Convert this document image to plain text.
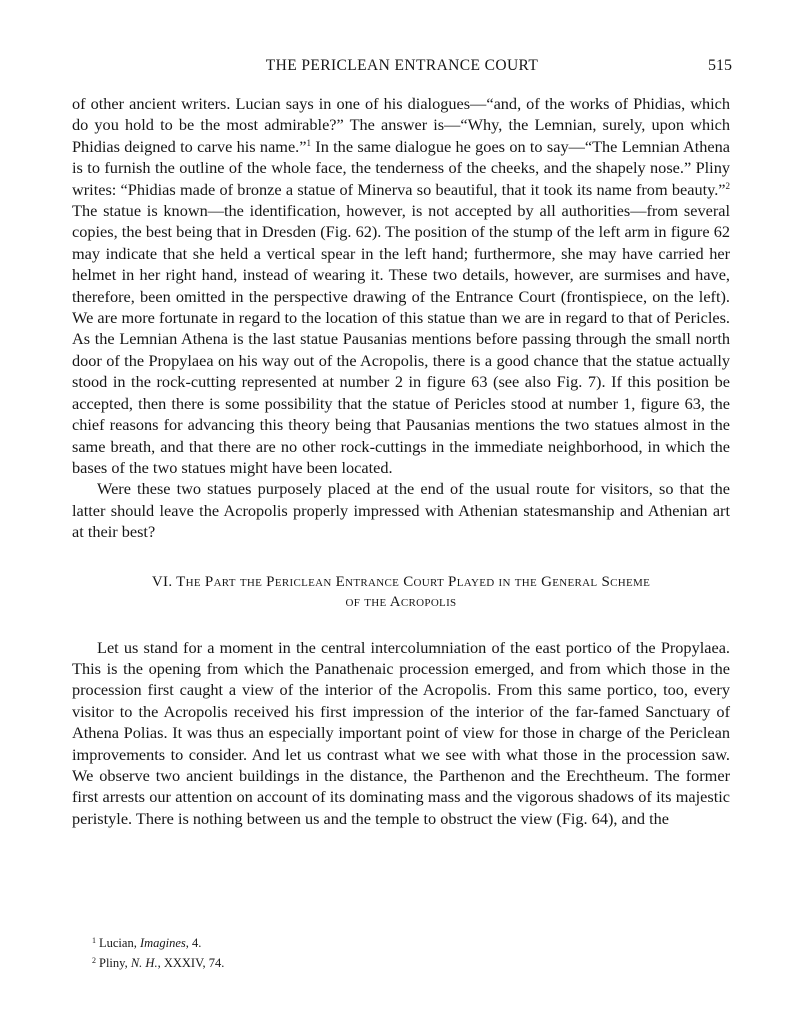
THE PERICLEAN ENTRANCE COURT	515

of other ancient writers. Lucian says in one of his dialogues—“and, of the works of Phidias, which do you hold to be the most admirable?” The answer is—“Why, the Lemnian, surely, upon which Phidias deigned to carve his name.”$^1$ In the same dialogue he goes on to say—“The Lemnian Athena is to furnish the outline of the whole face, the tenderness of the cheeks, and the shapely nose.” Pliny writes: “Phidias made of bronze a statue of Minerva so beautiful, that it took its name from beauty.”$^2$ The statue is known—the identification, however, is not accepted by all authorities—from several copies, the best being that in Dresden (Fig. 62). The position of the stump of the left arm in figure 62 may indicate that she held a vertical spear in the left hand; furthermore, she may have carried her helmet in her right hand, instead of wearing it. These two details, however, are surmises and have, therefore, been omitted in the perspective drawing of the Entrance Court (frontispiece, on the left). We are more fortunate in regard to the location of this statue than we are in regard to that of Pericles. As the Lemnian Athena is the last statue Pausanias mentions before passing through the small north door of the Propylaea on his way out of the Acropolis, there is a good chance that the statue actually stood in the rock-cutting represented at number 2 in figure 63 (see also Fig. 7). If this position be accepted, then there is some possibility that the statue of Pericles stood at number 1, figure 63, the chief reasons for advancing this theory being that Pausanias mentions the two statues almost in the same breath, and that there are no other rock-cuttings in the immediate neighborhood, in which the bases of the two statues might have been located.

Were these two statues purposely placed at the end of the usual route for visitors, so that the latter should leave the Acropolis properly impressed with Athenian statesmanship and Athenian art at their best?

VI. The Part the Periclean Entrance Court Played in the General Scheme
of the Acropolis

Let us stand for a moment in the central intercolumniation of the east portico of the Propylaea. This is the opening from which the Panathenaic procession emerged, and from which those in the procession first caught a view of the interior of the Acropolis. From this same portico, too, every visitor to the Acropolis received his first impression of the interior of the far-famed Sanctuary of Athena Polias. It was thus an especially important point of view for those in charge of the Periclean improvements to consider. And let us contrast what we see with what those in the procession saw. We observe two ancient buildings in the distance, the Parthenon and the Erechtheum. The former first arrests our attention on account of its dominating mass and the vigorous shadows of its majestic peristyle. There is nothing between us and the temple to obstruct the view (Fig. 64), and the

$^1$ Lucian, Imagines, 4.
$^2$ Pliny, N. H., XXXIV, 74.
